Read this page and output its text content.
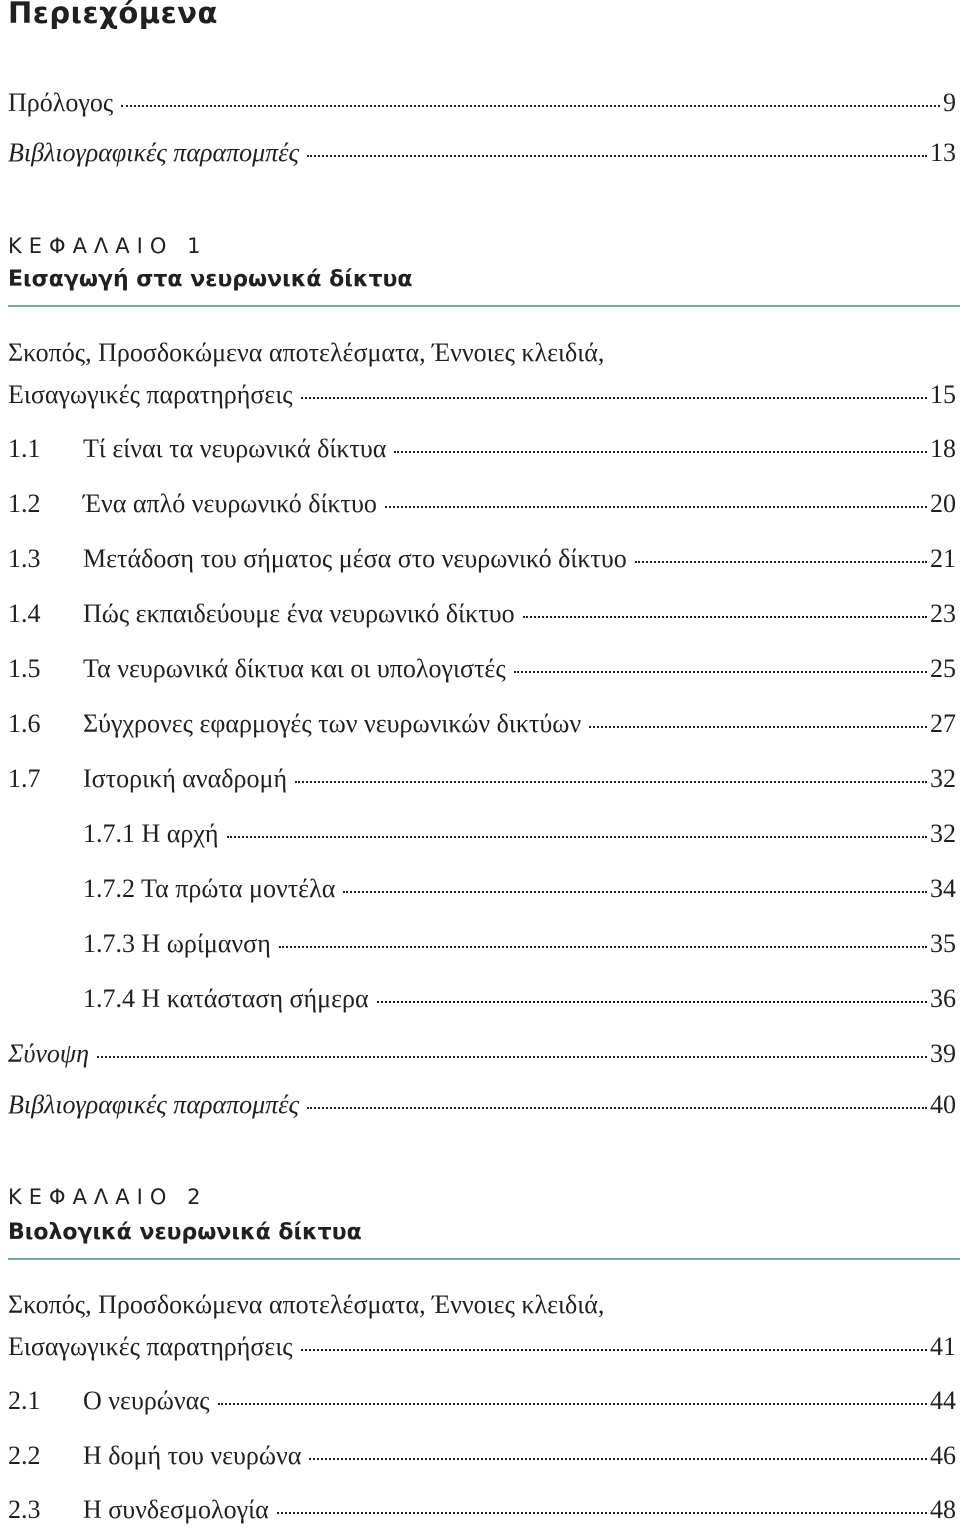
Περιεχόμενα
Πρόλογος	9
Βιβλιογραφικές παραπομπές	13
ΚΕΦΑΛΑΙΟ 1
Εισαγωγή στα νευρωνικά δίκτυα
Σκοπός, Προσδοκώμενα αποτελέσματα, Έννοιες κλειδιά,
Εισαγωγικές παρατηρήσεις	15
1.1	Τί είναι τα νευρωνικά δίκτυα	18
1.2	Ένα απλό νευρωνικό δίκτυο	20
1.3	Μετάδοση του σήματος μέσα στο νευρωνικό δίκτυο	21
1.4	Πώς εκπαιδεύουμε ένα νευρωνικό δίκτυο	23
1.5	Τα νευρωνικά δίκτυα και οι υπολογιστές	25
1.6	Σύγχρονες εφαρμογές των νευρωνικών δικτύων	27
1.7	Ιστορική αναδρομή	32
1.7.1 Η αρχή	32
1.7.2 Τα πρώτα μοντέλα	34
1.7.3 Η ωρίμανση	35
1.7.4 Η κατάσταση σήμερα	36
Σύνοψη	39
Βιβλιογραφικές παραπομπές	40
ΚΕΦΑΛΑΙΟ 2
Βιολογικά νευρωνικά δίκτυα
Σκοπός, Προσδοκώμενα αποτελέσματα, Έννοιες κλειδιά,
Εισαγωγικές παρατηρήσεις	41
2.1	Ο νευρώνας	44
2.2	Η δομή του νευρώνα	46
2.3	Η συνδεσμολογία	48
